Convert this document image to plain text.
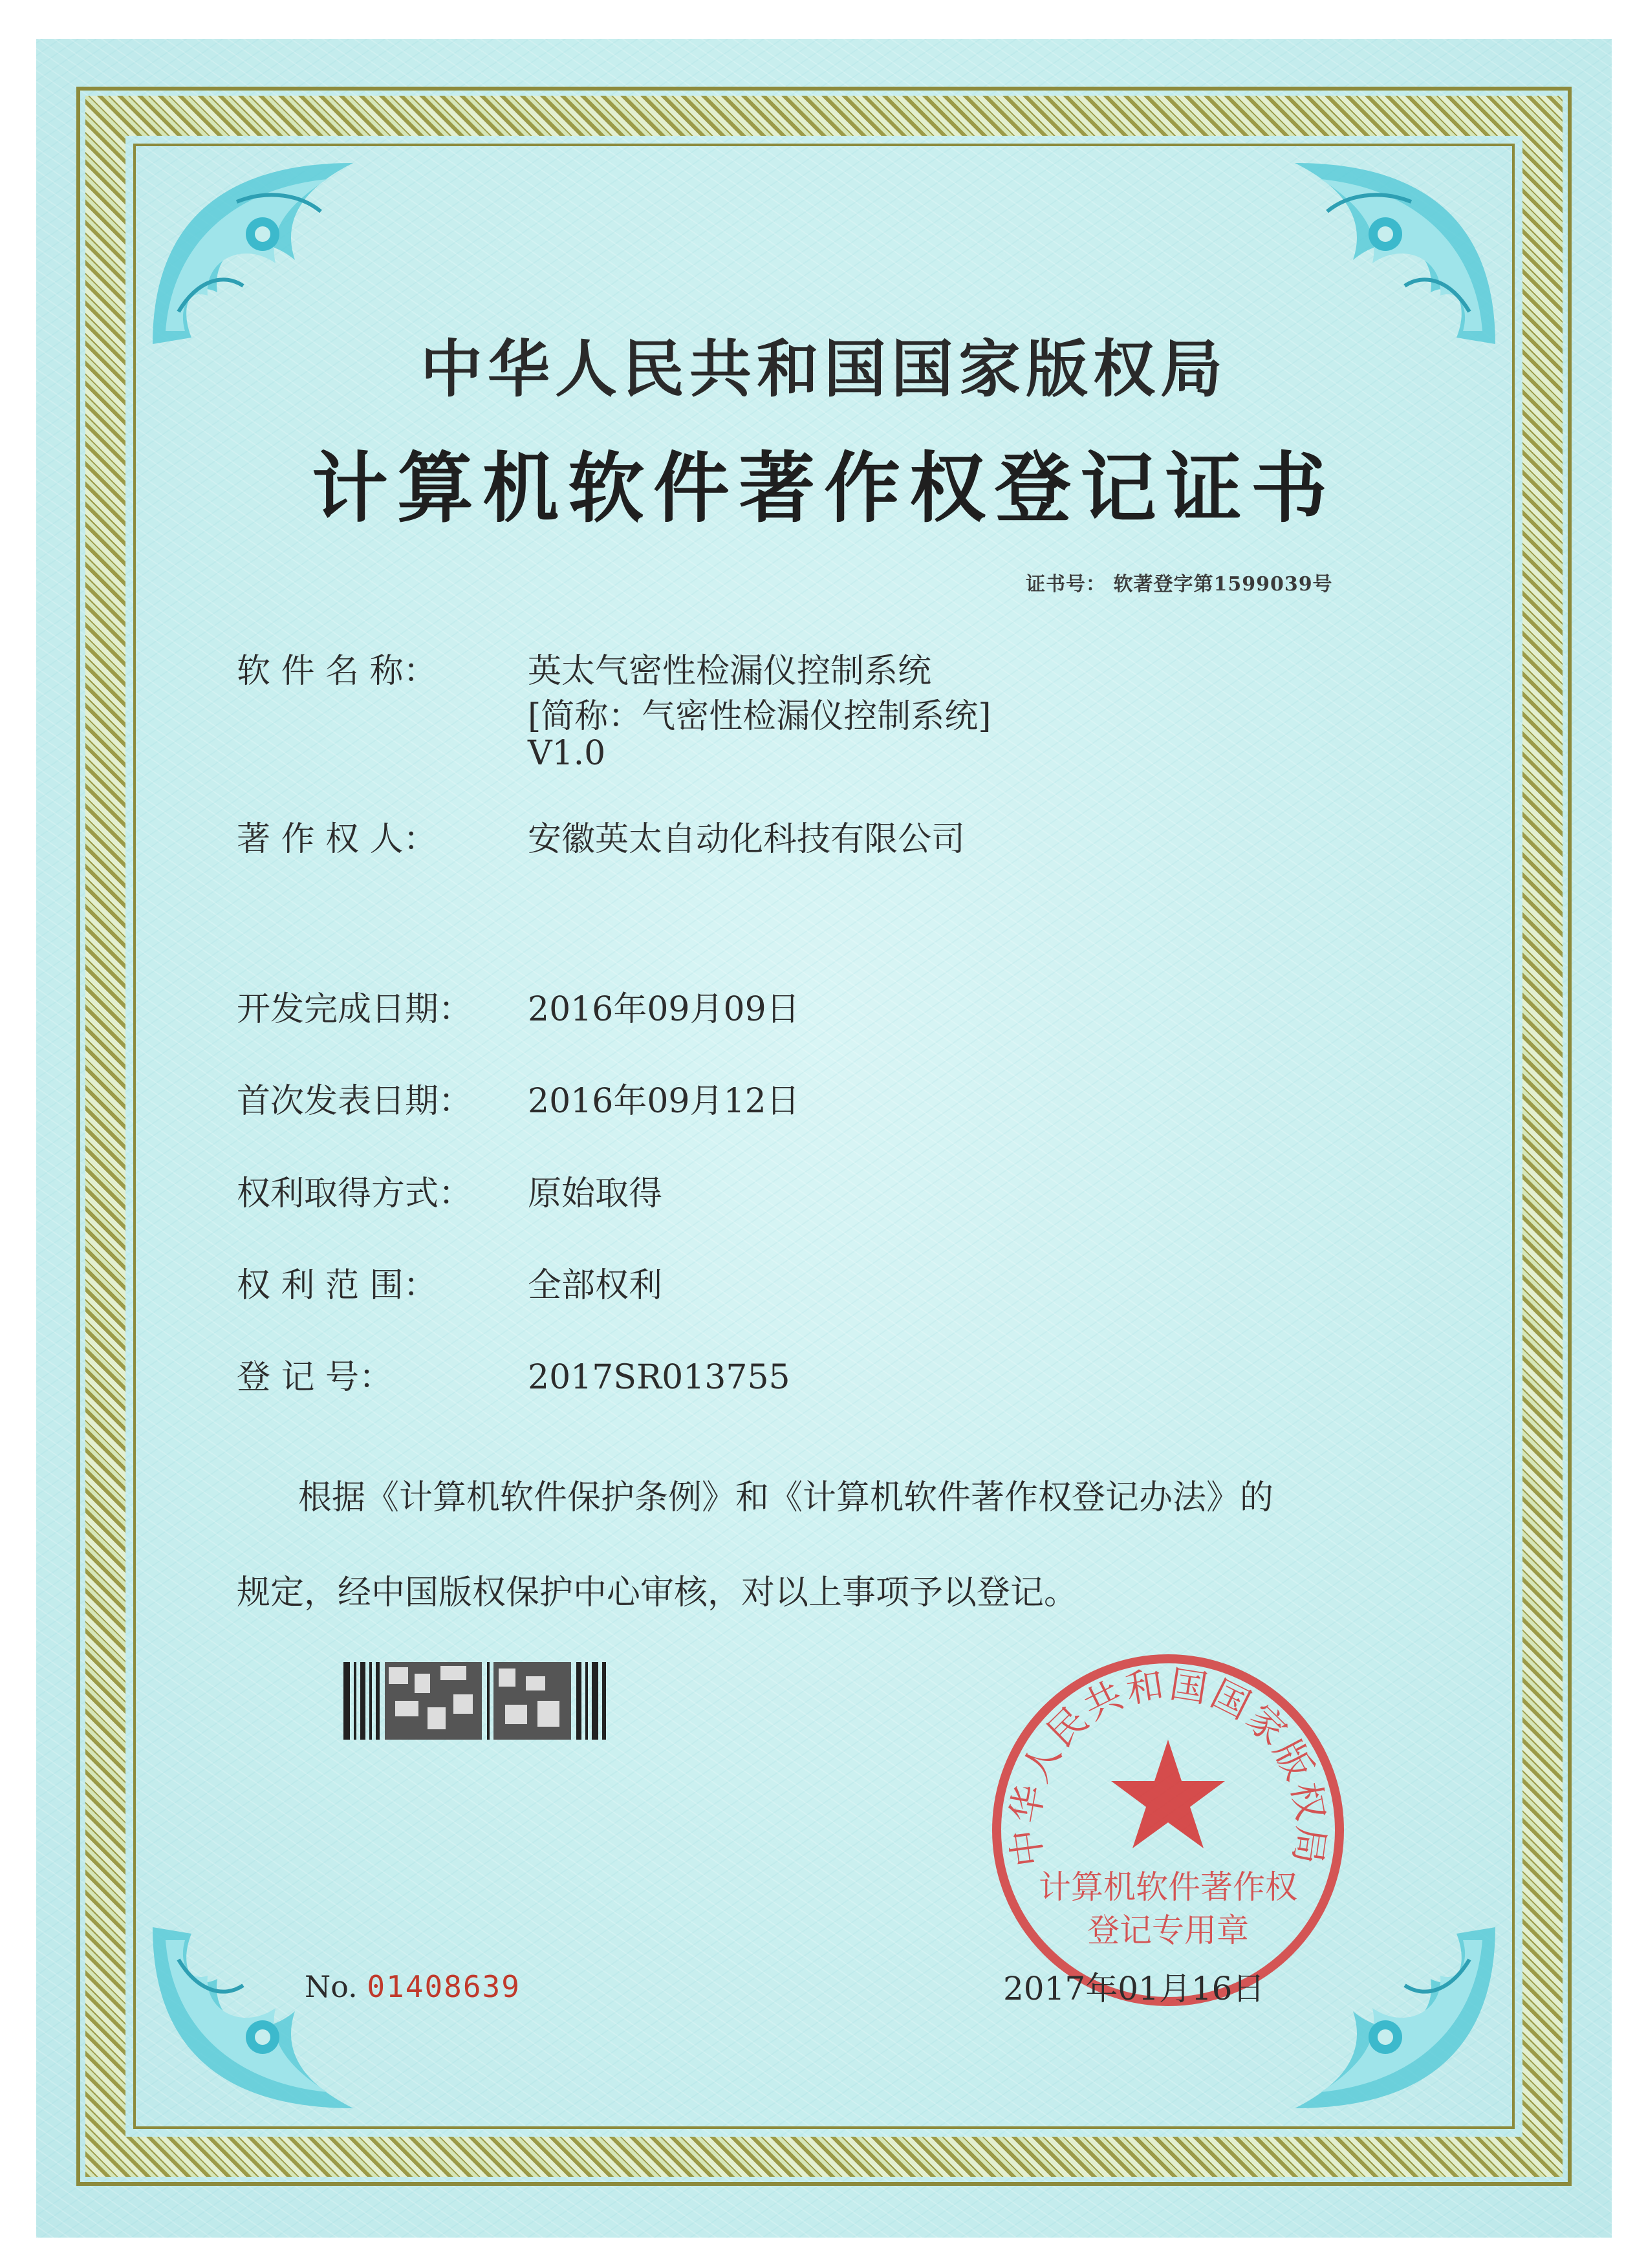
中华人民共和国国家版权局
计算机软件著作权登记证书
证书号： 软著登字第1599039号
软 件 名 称：	英太气密性检漏仪控制系统
[简称：气密性检漏仪控制系统]
V1.0
著 作 权 人：	安徽英太自动化科技有限公司
开发完成日期： 2016年09月09日
首次发表日期： 2016年09月12日
权利取得方式： 原始取得
权 利 范 围：	全部权利
登 记 号：	2017SR013755
根据《计算机软件保护条例》和《计算机软件著作权登记办法》的
规定，经中国版权保护中心审核，对以上事项予以登记。
No. 01408639
中华人民共和国国家版权局
计算机软件著作权
登记专用章
2017年01月16日
